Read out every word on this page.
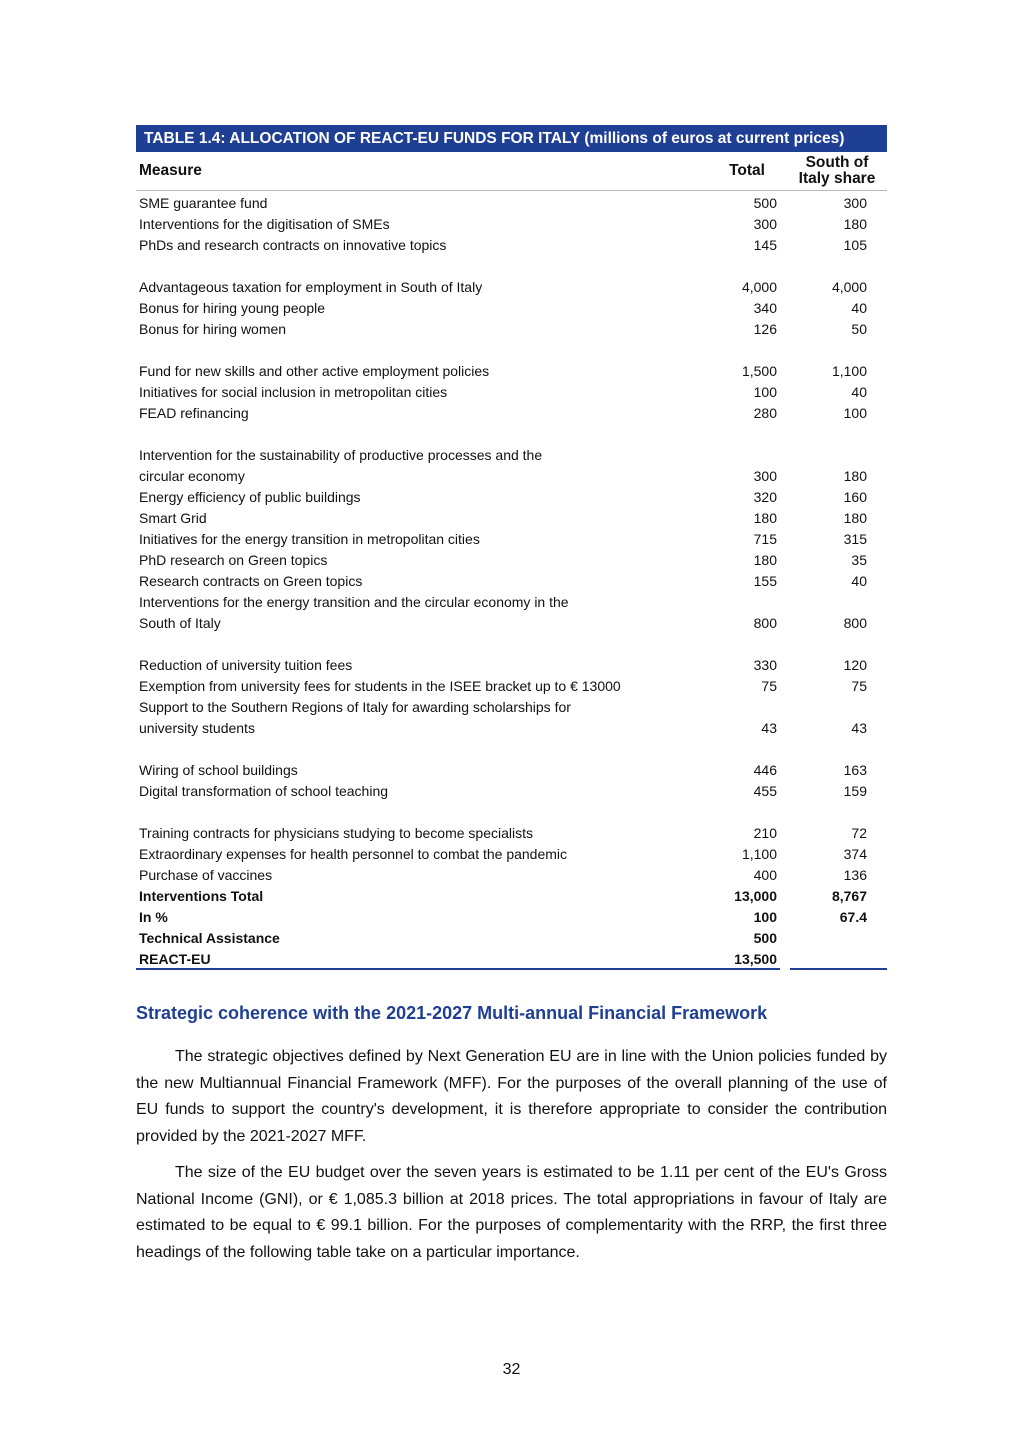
TABLE 1.4: ALLOCATION OF REACT-EU FUNDS FOR ITALY (millions of euros at current prices)
Measure	Total	South of
Italy share
SME guarantee fund	500	300
Interventions for the digitisation of SMEs	300	180
PhDs and research contracts on innovative topics	145	105
Advantageous taxation for employment in South of Italy	4,000	4,000
Bonus for hiring young people	340	40
Bonus for hiring women	126	50
Fund for new skills and other active employment policies	1,500	1,100
Initiatives for social inclusion in metropolitan cities	100	40
FEAD refinancing	280	100
Intervention for the sustainability of productive processes and the
circular economy	300	180
Energy efficiency of public buildings	320	160
Smart Grid	180	180
Initiatives for the energy transition in metropolitan cities	715	315
PhD research on Green topics	180	35
Research contracts on Green topics	155	40
Interventions for the energy transition and the circular economy in the
South of Italy	800	800
Reduction of university tuition fees	330	120
Exemption from university fees for students in the ISEE bracket up to € 13000	75	75
Support to the Southern Regions of Italy for awarding scholarships for
university students	43	43
Wiring of school buildings	446	163
Digital transformation of school teaching	455	159
Training contracts for physicians studying to become specialists	210	72
Extraordinary expenses for health personnel to combat the pandemic	1,100	374
Purchase of vaccines	400	136
Interventions Total	13,000	8,767
In %	100	67.4
Technical Assistance	500
REACT-EU	13,500
Strategic coherence with the 2021-2027 Multi-annual Financial Framework

The strategic objectives defined by Next Generation EU are in line with the Union policies funded by the new Multiannual Financial Framework (MFF). For the purposes of the overall planning of the use of EU funds to support the country's development, it is therefore appropriate to consider the contribution provided by the 2021-2027 MFF.

The size of the EU budget over the seven years is estimated to be 1.11 per cent of the EU's Gross National Income (GNI), or € 1,085.3 billion at 2018 prices. The total appropriations in favour of Italy are estimated to be equal to € 99.1 billion. For the purposes of complementarity with the RRP, the first three headings of the following table take on a particular importance.

32
